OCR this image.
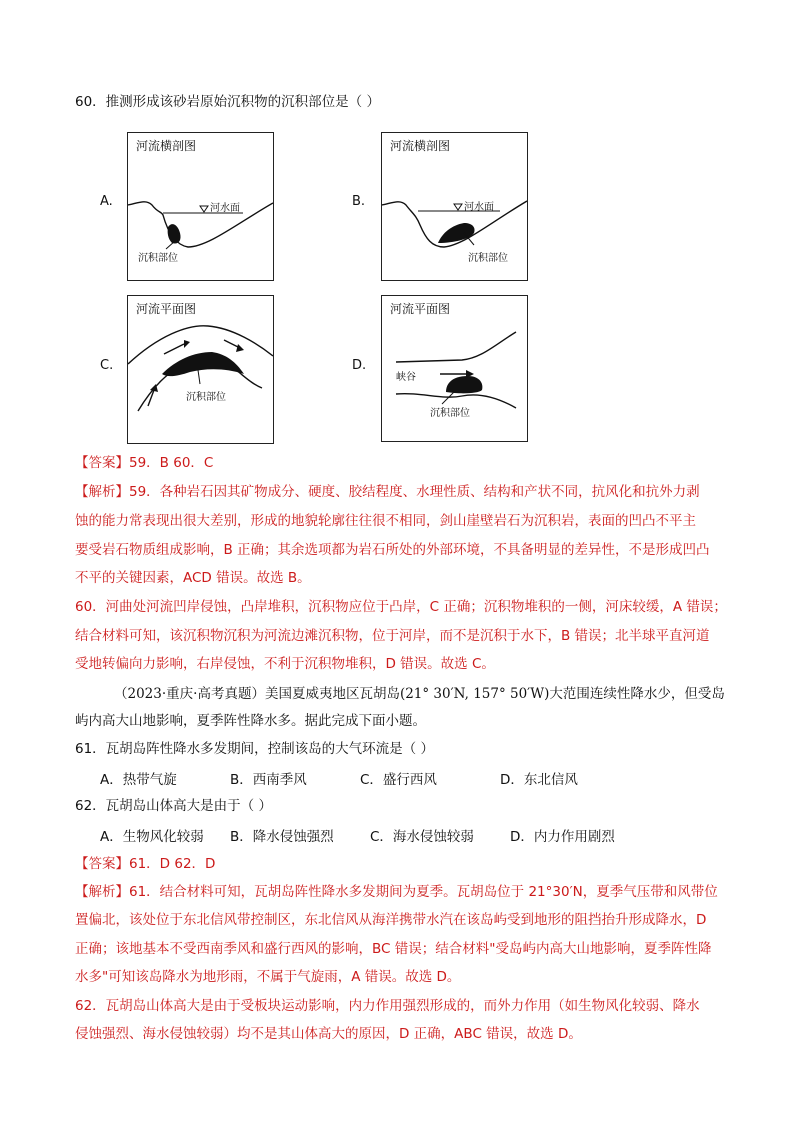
60．推测形成该砂岩原始沉积物的沉积部位是（ ）
A.
河流横剖图
河水面
沉积部位
B.
河流横剖图
河水面
沉积部位
C.
河流平面图
沉积部位
D.
河流平面图
峡谷
沉积部位
【答案】59．B 60．C
【解析】59．各种岩石因其矿物成分、硬度、胶结程度、水理性质、结构和产状不同，抗风化和抗外力剥
蚀的能力常表现出很大差别，形成的地貌轮廓往往很不相同，剑山崖壁岩石为沉积岩，表面的凹凸不平主
要受岩石物质组成影响，B 正确；其余选项都为岩石所处的外部环境，不具备明显的差异性，不是形成凹凸
不平的关键因素，ACD 错误。故选 B。
60．河曲处河流凹岸侵蚀，凸岸堆积，沉积物应位于凸岸，C 正确；沉积物堆积的一侧，河床较缓，A 错误；
结合材料可知，该沉积物沉积为河流边滩沉积物，位于河岸，而不是沉积于水下，B 错误；北半球平直河道
受地转偏向力影响，右岸侵蚀，不利于沉积物堆积，D 错误。故选 C。
（2023·重庆·高考真题）美国夏威夷地区瓦胡岛(21° 30′N, 157° 50′W)大范围连续性降水少，但受岛
屿内高大山地影响，夏季阵性降水多。据此完成下面小题。
61．瓦胡岛阵性降水多发期间，控制该岛的大气环流是（ ）
A．热带气旋	B．西南季风	C．盛行西风	D．东北信风
62．瓦胡岛山体高大是由于（ ）
A．生物风化较弱 B．降水侵蚀强烈	C．海水侵蚀较弱	D．内力作用剧烈
【答案】61．D 62．D
【解析】61．结合材料可知，瓦胡岛阵性降水多发期间为夏季。瓦胡岛位于 21°30′N，夏季气压带和风带位
置偏北，该处位于东北信风带控制区，东北信风从海洋携带水汽在该岛屿受到地形的阻挡抬升形成降水，D
正确；该地基本不受西南季风和盛行西风的影响，BC 错误；结合材料"受岛屿内高大山地影响，夏季阵性降
水多"可知该岛降水为地形雨，不属于气旋雨，A 错误。故选 D。
62．瓦胡岛山体高大是由于受板块运动影响，内力作用强烈形成的，而外力作用（如生物风化较弱、降水
侵蚀强烈、海水侵蚀较弱）均不是其山体高大的原因，D 正确，ABC 错误，故选 D。
